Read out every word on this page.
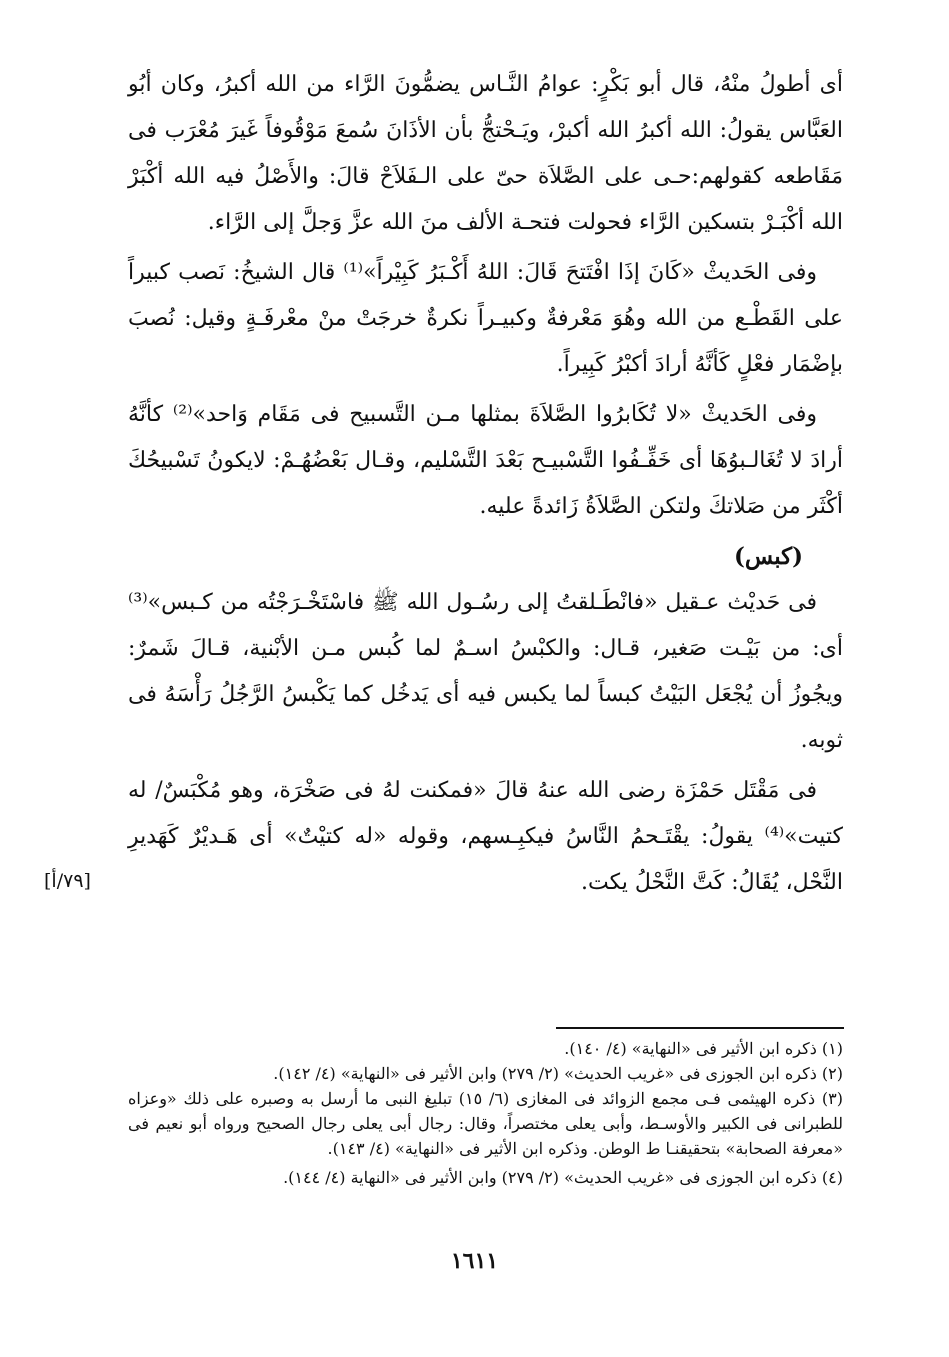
أى أطولُ منْهُ، قال أبو بَكْرٍ: عوامُ النَّـاس يضمُّونَ الرَّاء من الله أكبرُ، وكان أبُو العَبَّاس يقولُ: الله أكبرُ الله أكبرْ، ويَـحْتجُّ بأن الأذَانَ سُمعَ مَوْقُوفاً غَيرَ مُعْرَب فى مَقَاطعه كقولهم:حـى على الصَّلاَة حىّ على الـفَلاَحْ قالَ: والأَصْلُ فيه الله أكْبَرْ الله أكْبَـرْ بتسكين الرَّاء فحولت فتحـة الألف منَ الله عزَّ وَجلَّ إلى الرَّاء.

وفى الحَديثْ «كَانَ إذَا افْتَتحَ قَالَ: اللهُ أَكْـبَرُ كَبِيْراً»⁽¹⁾ قال الشيخُ: نَصب كبيراً على القَطْـع من الله وهُوَ مَعْرفةٌ وكبيـراً نكرةٌ خرجَتْ منْ معْرفَـةٍ وقيل: نُصبَ بإضْمَار فعْلٍ كَأنَّهُ أرادَ أكبْرُ كَبِيراً.

وفى الحَديثْ «لا تُكَابرُوا الصَّلاَةَ بمثلها مـن التَّسبيح فى مَقَام وَاحد»⁽²⁾ كأنَّهُ أرادَ لا تُغَالـبوُهَا أى خَفِّـفُوا التَّسْبيـح بَعْدَ التَّسْليم، وقـال بَعْضُهُـمْ: لايكونُ تَسْبيحُكَ أكْثَر من صَلاتكَ ولتكن الصَّلاَةُ زَائدةً عليه.

(كبس)

فى حَديْث عـقيل «فانْطَـلقتُ إلى رسُـول الله ﷺ فاسْتَخْـرَجْتُه من كـبس»⁽³⁾ أى: من بَيْـت صَغير، قـال: والكبْسُ اسـمٌ لما كُبس مـن الأبْنية، قـالَ شَمرٌ: ويجُوزُ أن يُجْعَل البَيْتُ كبساً لما يكبس فيه أى يَدخُل كما يَكْبسُ الرَّجُلُ رَأْسَهُ فى ثوبه.

فى مَقْتَل حَمْزَة رضى الله عنهُ قالَ «فمكنت لهُ فى صَخْرَة، وهو مُكْبَسٌ/ له كتيت»⁽⁴⁾ يقولُ: يقْتَـحمُ النَّاسُ فيكبِـسهم، وقوله «له كتيْتٌ» أى هَـديْرٌ كَهَديرِ النَّحْل، يُقَالُ: كَتَّ النَّحْلُ يكت.

[٧٩/أ]

(١) ذكره ابن الأثير فى «النهاية» (٤/ ١٤٠).

(٢) ذكره ابن الجوزى فى «غريب الحديث» (٢/ ٢٧٩) وابن الأثير فى «النهاية» (٤/ ١٤٢).

(٣) ذكره الهيثمى فـى مجمع الزوائد فى المغازى (٦/ ١٥) تبليغ النبى ما أرسل به وصبره على ذلك «وعزاه للطبرانى فى الكبير والأوسـط، وأبى يعلى مختصراً، وقال: رجال أبى يعلى رجال الصحيح ورواه أبو نعيم فى «معرفة الصحابة» بتحقيقنـا ط الوطن. وذكره ابن الأثير فى «النهاية» (٤/ ١٤٣).

(٤) ذكره ابن الجوزى فى «غريب الحديث» (٢/ ٢٧٩) وابن الأثير فى «النهاية (٤/ ١٤٤).

١٦١١
